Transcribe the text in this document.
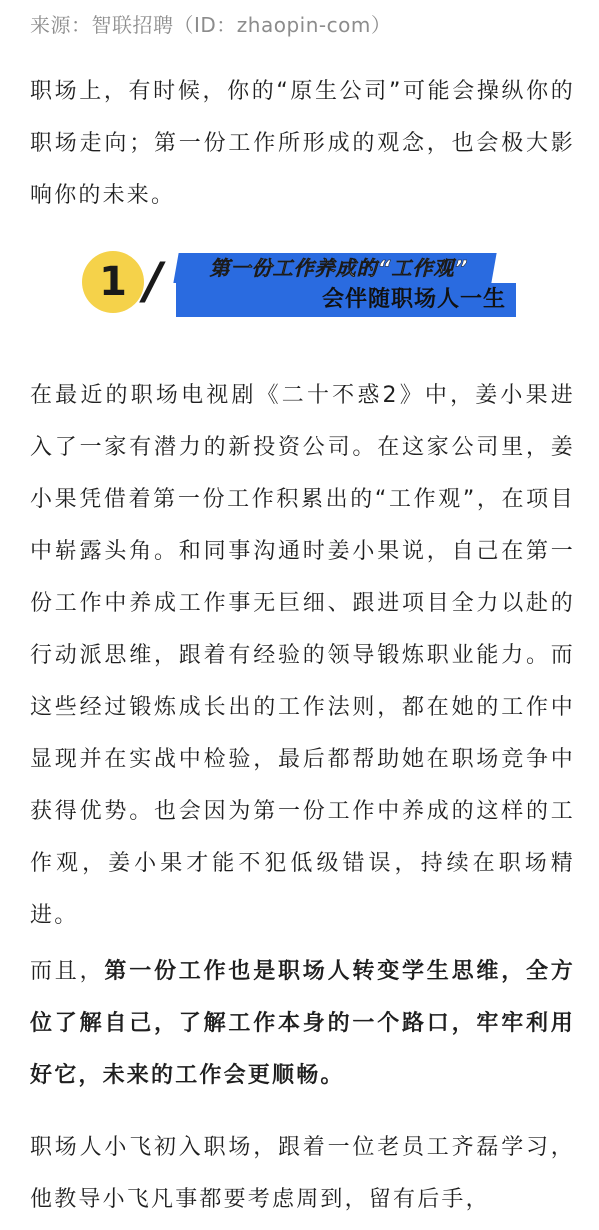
来源：智联招聘（ID：zhaopin-com）

职场上，有时候，你的“原生公司”可能会操纵你的职场走向；第一份工作所形成的观念，也会极大影响你的未来。

1 /	第一份工作养成的“工作观”
会伴随职场人一生

在最近的职场电视剧《二十不惑2》中，姜小果进入了一家有潜力的新投资公司。在这家公司里，姜小果凭借着第一份工作积累出的“工作观”，在项目中崭露头角。和同事沟通时姜小果说，自己在第一份工作中养成工作事无巨细、跟进项目全力以赴的行动派思维，跟着有经验的领导锻炼职业能力。而这些经过锻炼成长出的工作法则，都在她的工作中显现并在实战中检验，最后都帮助她在职场竞争中获得优势。也会因为第一份工作中养成的这样的工作观，姜小果才能不犯低级错误，持续在职场精进。

而且，第一份工作也是职场人转变学生思维，全方位了解自己，了解工作本身的一个路口，牢牢利用好它，未来的工作会更顺畅。

职场人小飞初入职场，跟着一位老员工齐磊学习，他教导小飞凡事都要考虑周到，留有后手，
